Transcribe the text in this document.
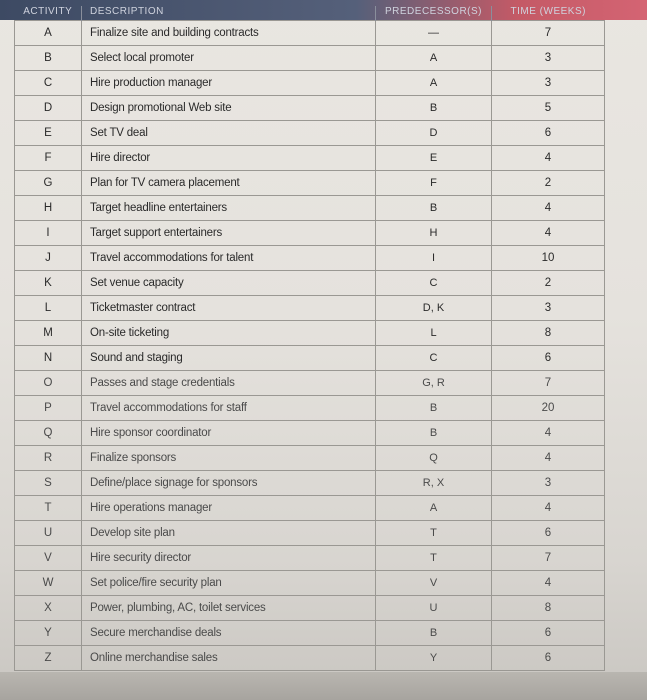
ACTIVITY	DESCRIPTION	PREDECESSOR(S)	TIME (WEEKS)
A	Finalize site and building contracts	—	7
B	Select local promoter	A	3
C	Hire production manager	A	3
D	Design promotional Web site	B	5
E	Set TV deal	D	6
F	Hire director	E	4
G	Plan for TV camera placement	F	2
H	Target headline entertainers	B	4
I	Target support entertainers	H	4
J	Travel accommodations for talent	I	10
K	Set venue capacity	C	2
L	Ticketmaster contract	D, K	3
M	On-site ticketing	L	8
N	Sound and staging	C	6
O	Passes and stage credentials	G, R	7
P	Travel accommodations for staff	B	20
Q	Hire sponsor coordinator	B	4
R	Finalize sponsors	Q	4
S	Define/place signage for sponsors	R, X	3
T	Hire operations manager	A	4
U	Develop site plan	T	6
V	Hire security director	T	7
W	Set police/fire security plan	V	4
X	Power, plumbing, AC, toilet services	U	8
Y	Secure merchandise deals	B	6
Z	Online merchandise sales	Y	6
